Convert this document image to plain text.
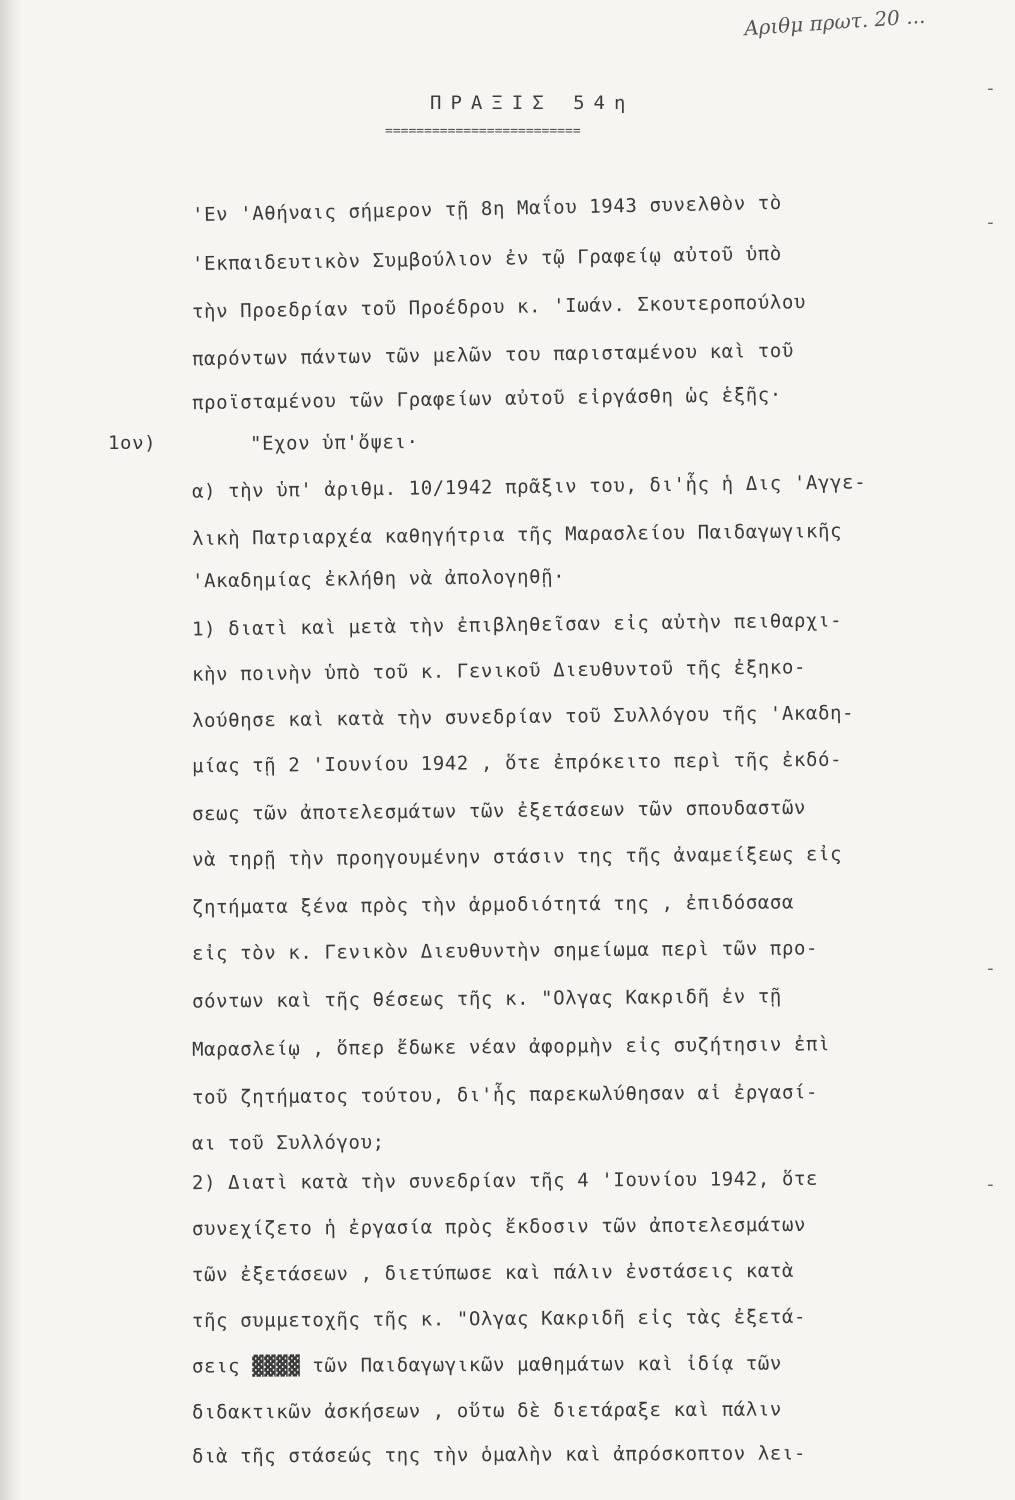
Αριθμ πρωτ. 20 ...
ΠΡΑΞΙΣ 54η
=========================
1ον)
'Εν 'Αθήναις σήμερον τῇ 8η Μαΐου 1943 συνελθὸν τὸ
'Εκπαιδευτικὸν Συμβούλιον ἐν τῷ Γραφείῳ αὐτοῦ ὑπὸ
τὴν Προεδρίαν τοῦ Προέδρου κ. 'Ιωάν. Σκουτεροπούλου
παρόντων πάντων τῶν μελῶν του παρισταμένου καὶ τοῦ
προϊσταμένου τῶν Γραφείων αὐτοῦ εἰργάσθη ὡς ἑξῆς·
"Εχον ὑπ'ὄψει·
α) τὴν ὑπ' ἀριθμ. 10/1942 πρᾶξιν του, δι'ἧς ἡ Δις 'Αγγε-
λικὴ Πατριαρχέα καθηγήτρια τῆς Μαρασλείου Παιδαγωγικῆς
'Ακαδημίας ἐκλήθη νὰ ἀπολογηθῇ·
1) διατὶ καὶ μετὰ τὴν ἐπιβληθεῖσαν εἰς αὐτὴν πειθαρχι-
κὴν ποινὴν ὑπὸ τοῦ κ. Γενικοῦ Διευθυντοῦ τῆς ἐξηκο-
λούθησε καὶ κατὰ τὴν συνεδρίαν τοῦ Συλλόγου τῆς 'Ακαδη-
μίας τῇ 2 'Ιουνίου 1942 , ὅτε ἐπρόκειτο περὶ τῆς ἐκδό-
σεως τῶν ἀποτελεσμάτων τῶν ἐξετάσεων τῶν σπουδαστῶν
νὰ τηρῇ τὴν προηγουμένην στάσιν της τῆς ἀναμείξεως εἰς
ζητήματα ξένα πρὸς τὴν ἁρμοδιότητά της , ἐπιδόσασα
εἰς τὸν κ. Γενικὸν Διευθυντὴν σημείωμα περὶ τῶν προ-
σόντων καὶ τῆς θέσεως τῆς κ. "Ολγας Κακριδῆ ἐν τῇ
Μαρασλείῳ , ὅπερ ἔδωκε νέαν ἀφορμὴν εἰς συζήτησιν ἐπὶ
τοῦ ζητήματος τούτου, δι'ἧς παρεκωλύθησαν αἱ ἐργασί-
αι τοῦ Συλλόγου;
2) Διατὶ κατὰ τὴν συνεδρίαν τῆς 4 'Ιουνίου 1942, ὅτε
συνεχίζετο ἡ ἐργασία πρὸς ἔκδοσιν τῶν ἀποτελεσμάτων
τῶν ἐξετάσεων , διετύπωσε καὶ πάλιν ἐνστάσεις κατὰ
τῆς συμμετοχῆς τῆς κ. "Ολγας Κακριδῆ εἰς τὰς ἐξετά-
σεις ▓▓▓▓ τῶν Παιδαγωγικῶν μαθημάτων καὶ ἰδίᾳ τῶν
διδακτικῶν ἀσκήσεων , οὕτω δὲ διετάραξε καὶ πάλιν
διὰ τῆς στάσεώς της τὴν ὁμαλὴν καὶ ἀπρόσκοπτον λει-
-
-
-
-
